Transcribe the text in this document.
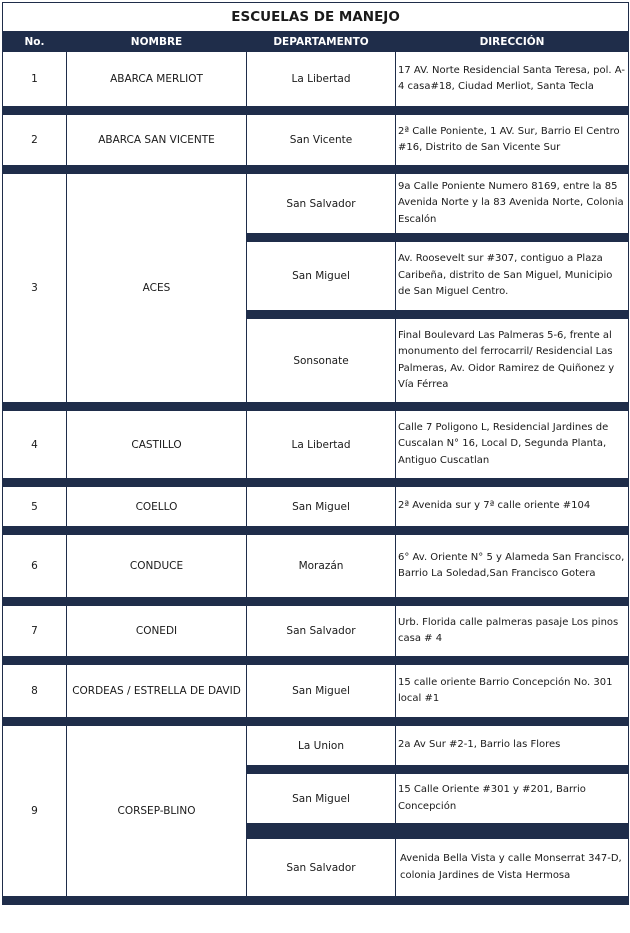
ESCUELAS DE MANEJO			
No.	NOMBRE	DEPARTAMENTO	DIRECCIÓN
1	ABARCA MERLIOT	La Libertad	17 AV. Norte Residencial Santa Teresa, pol. A-4 casa#18, Ciudad Merliot, Santa Tecla

2	ABARCA SAN VICENTE	San Vicente	2ª Calle Poniente, 1 AV. Sur, Barrio El Centro #16, Distrito de San Vicente Sur

3	ACES	San Salvador	9a Calle Poniente Numero 8169, entre la 85 Avenida Norte y la 83 Avenida Norte, Colonia Escalón

		San Miguel	Av. Roosevelt sur #307, contiguo a Plaza Caribeña, distrito de San Miguel, Municipio de San Miguel Centro.

		Sonsonate	Final Boulevard Las Palmeras 5-6, frente al monumento del ferrocarril/ Residencial Las Palmeras, Av. Oidor Ramirez de Quiñonez y Vía Férrea

4	CASTILLO	La Libertad	Calle 7 Poligono L, Residencial Jardines de Cuscalan N° 16, Local D, Segunda Planta, Antiguo Cuscatlan

5	COELLO	San Miguel	2ª Avenida sur y 7ª calle oriente #104

6	CONDUCE	Morazán	6° Av. Oriente N° 5 y Alameda San Francisco, Barrio La Soledad,San Francisco Gotera

7	CONEDI	San Salvador	Urb. Florida calle palmeras pasaje Los pinos casa # 4

8	CORDEAS / ESTRELLA DE DAVID	San Miguel	15 calle oriente Barrio Concepción No. 301 local #1

9	CORSEP-BLINO	La Union	2a Av Sur #2-1, Barrio las Flores

		San Miguel	15 Calle Oriente #301 y #201, Barrio Concepción

		San Salvador	Avenida Bella Vista y calle Monserrat 347-D, colonia Jardines de Vista Hermosa
